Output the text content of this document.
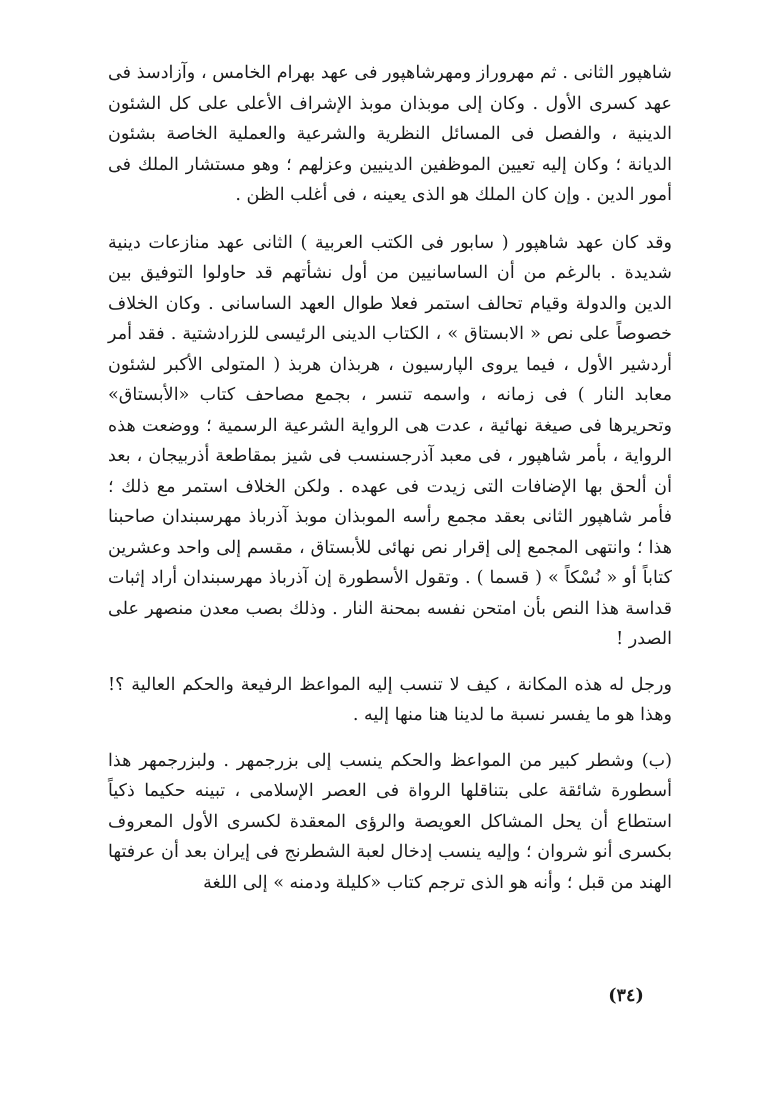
شاهپور الثانى . ثم مهروراز ومهرشاهپور فى عهد بهرام الخامس ، وآزادسذ فى عهد كسرى الأول . وكان إلى موبذان موبذ الإشراف الأعلى على كل الشئون الدينية ، والفصل فى المسائل النظرية والشرعية والعملية الخاصة بشئون الديانة ؛ وكان إليه تعيين الموظفين الدينيين وعزلهم ؛ وهو مستشار الملك فى أمور الدين . وإن كان الملك هو الذى يعينه ، فى أغلب الظن .

وقد كان عهد شاهپور ( سابور فى الكتب العربية ) الثانى عهد منازعات دينية شديدة . بالرغم من أن الساسانيين من أول نشأتهم قد حاولوا التوفيق بين الدين والدولة وقيام تحالف استمر فعلا طوال العهد الساسانى . وكان الخلاف خصوصاً على نص « الابستاق » ، الكتاب الدينى الرئيسى للزرادشتية . فقد أمر أردشير الأول ، فيما يروى الپارسيون ، هربذان هربذ ( المتولى الأكبر لشئون معابد النار ) فى زمانه ، واسمه تنسر ، بجمع مصاحف كتاب «الأبستاق» وتحريرها فى صيغة نهائية ، عدت هى الرواية الشرعية الرسمية ؛ ووضعت هذه الرواية ، بأمر شاهپور ، فى معبد آذرجسنسب فى شيز بمقاطعة أذربيجان ، بعد أن ألحق بها الإضافات التى زيدت فى عهده . ولكن الخلاف استمر مع ذلك ؛ فأمر شاهپور الثانى بعقد مجمع رأسه الموبذان موبذ آذرباذ مهرسبندان صاحبنا هذا ؛ وانتهى المجمع إلى إقرار نص نهائى للأبستاق ، مقسم إلى واحد وعشرين كتاباً أو « نُسْكاً » ( قسما ) . وتقول الأسطورة إن آذرباذ مهرسبندان أراد إثبات قداسة هذا النص بأن امتحن نفسه بمحنة النار . وذلك بصب معدن منصهر على الصدر !

ورجل له هذه المكانة ، كيف لا تنسب إليه المواعظ الرفيعة والحكم العالية ؟! وهذا هو ما يفسر نسبة ما لدينا هنا منها إليه .

(ب) وشطر كبير من المواعظ والحكم ينسب إلى بزرجمهر . ولبزرجمهر هذا أسطورة شائقة على بتناقلها الرواة فى العصر الإسلامى ، تبينه حكيما ذكياً استطاع أن يحل المشاكل العويصة والرؤى المعقدة لكسرى الأول المعروف بكسرى أنو شروان ؛ وإليه ينسب إدخال لعبة الشطرنج فى إيران بعد أن عرفتها الهند من قبل ؛ وأنه هو الذى ترجم كتاب «كليلة ودمنه » إلى اللغة

(٣٤)
